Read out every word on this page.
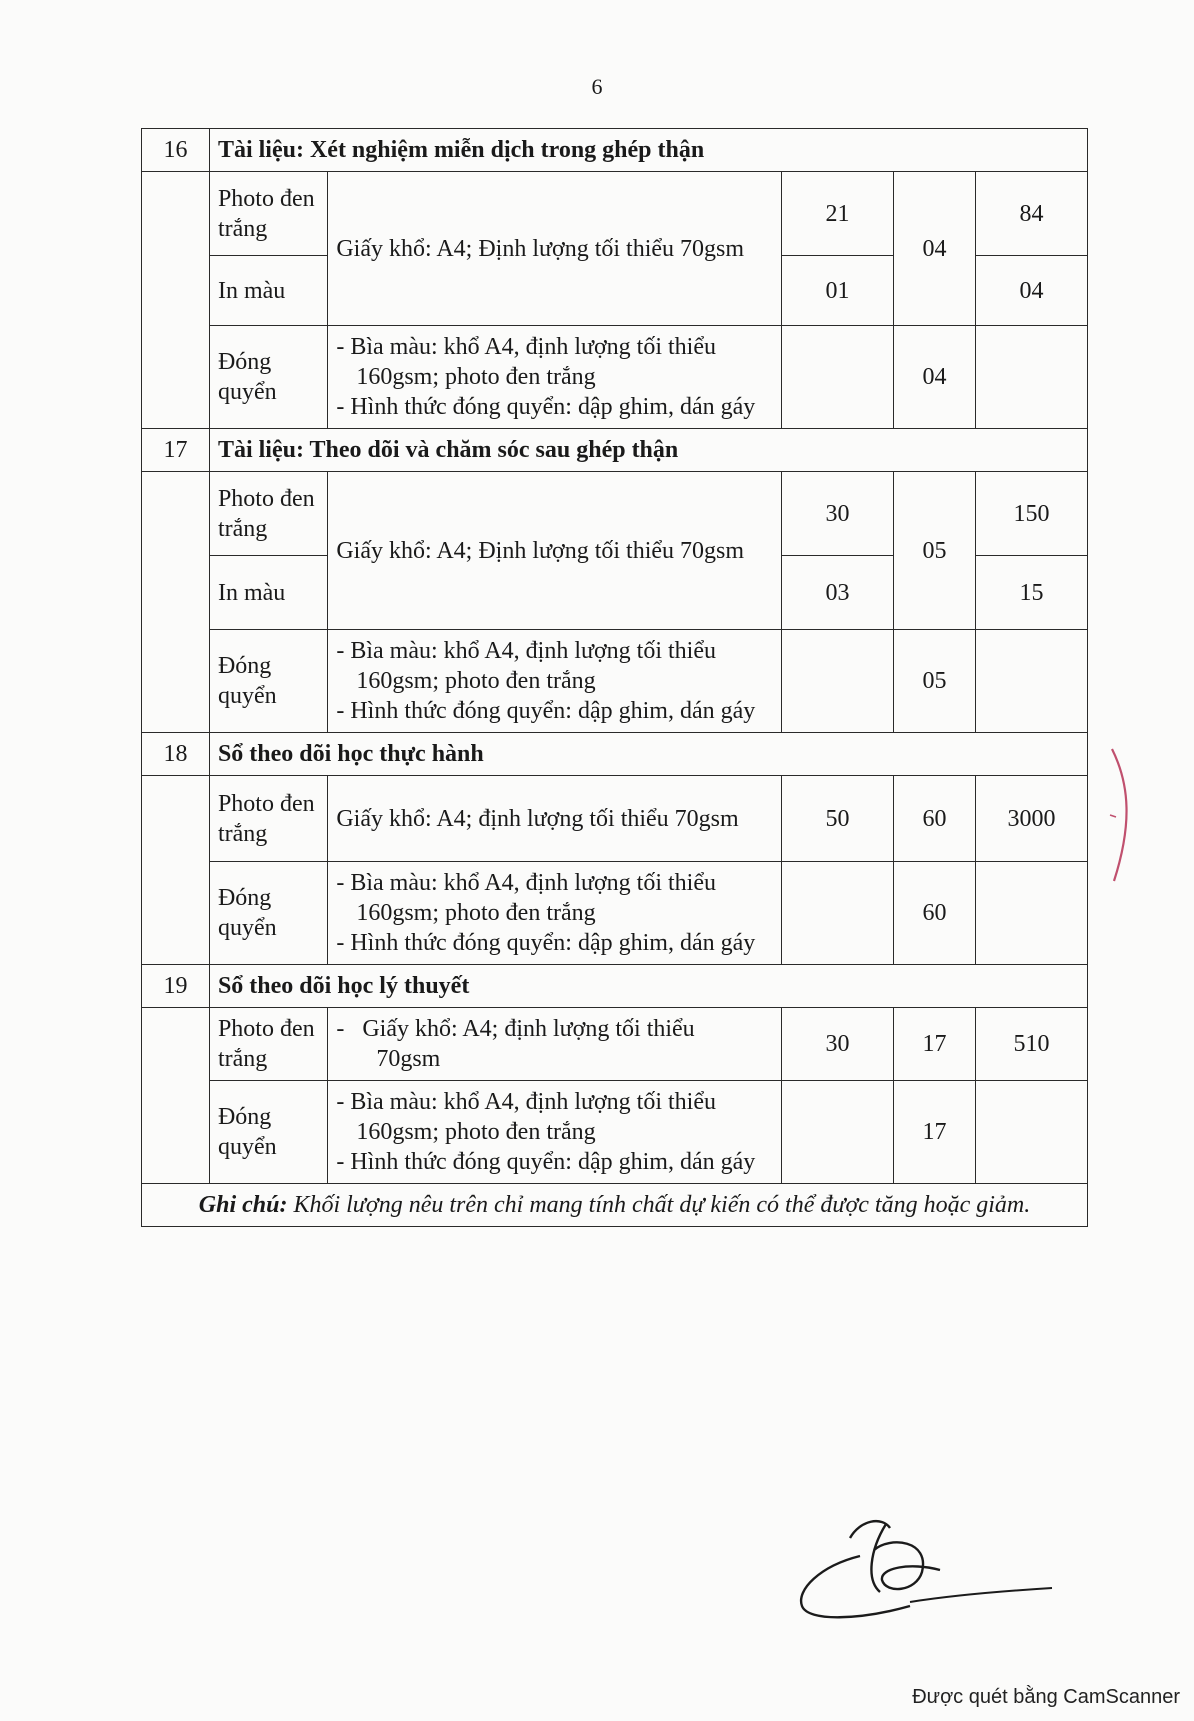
6
16	Tài liệu: Xét nghiệm miễn dịch trong ghép thận				
	Photo đen trắng	Giấy khổ: A4; Định lượng tối thiểu 70gsm	21	04	84
	In màu		01		04
	Đóng quyển	- Bìa màu: khổ A4, định lượng tối thiểu
160gsm; photo đen trắng
- Hình thức đóng quyển: dập ghim, dán gáy		04	
17	Tài liệu: Theo dõi và chăm sóc sau ghép thận				
	Photo đen trắng	Giấy khổ: A4; Định lượng tối thiểu 70gsm	30	05	150
	In màu		03		15
	Đóng quyển	- Bìa màu: khổ A4, định lượng tối thiểu
160gsm; photo đen trắng
- Hình thức đóng quyển: dập ghim, dán gáy		05	
18	Sổ theo dõi học thực hành				
	Photo đen trắng	Giấy khổ: A4; định lượng tối thiểu 70gsm	50	60	3000
	Đóng quyển	- Bìa màu: khổ A4, định lượng tối thiểu
160gsm; photo đen trắng
- Hình thức đóng quyển: dập ghim, dán gáy		60	
19	Sổ theo dõi học lý thuyết				
	Photo đen trắng	-   Giấy khổ: A4; định lượng tối thiểu
70gsm	30	17	510
	Đóng quyển	- Bìa màu: khổ A4, định lượng tối thiểu
160gsm; photo đen trắng
- Hình thức đóng quyển: dập ghim, dán gáy		17	
Ghi chú: Khối lượng nêu trên chỉ mang tính chất dự kiến có thể được tăng hoặc giảm.					
Được quét bằng CamScanner
